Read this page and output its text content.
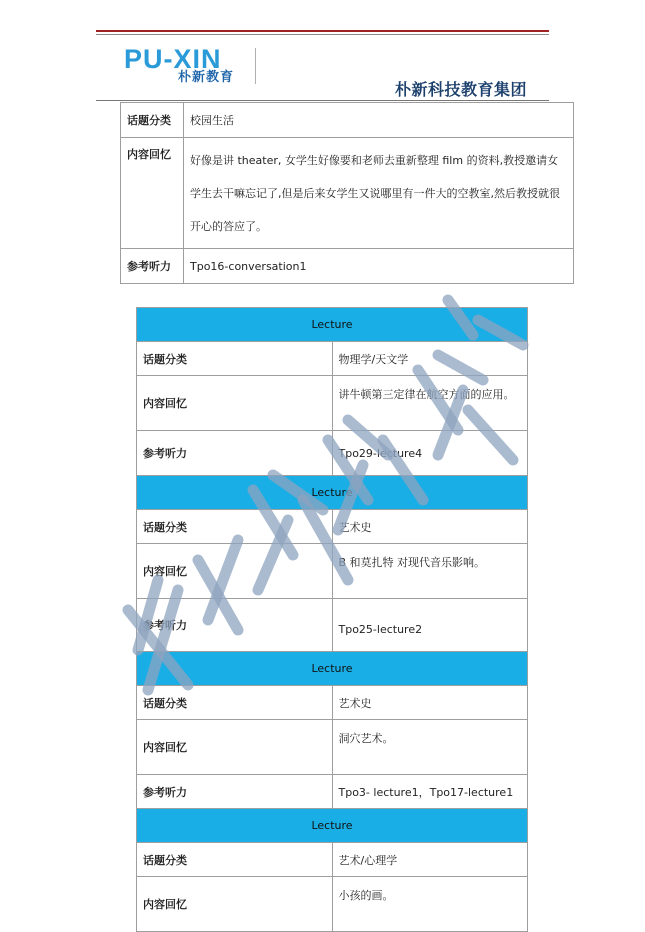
PU-XIN
朴新教育
朴新科技教育集团
话题分类	校园生活
内容回忆	好像是讲 theater, 女学生好像要和老师去重新整理 film 的资料,教授邀请女学生去干嘛忘记了,但是后来女学生又说哪里有一件大的空教室,然后教授就很开心的答应了。
参考听力	Tpo16-conversation1
Lecture	
话题分类	物理学/天文学
内容回忆	讲牛顿第三定律在航空方面的应用。
参考听力	Tpo29-lecture4
Lecture	
话题分类	艺术史
内容回忆	B 和莫扎特 对现代音乐影响。
参考听力	Tpo25-lecture2
Lecture	
话题分类	艺术史
内容回忆	洞穴艺术。
参考听力	Tpo3- lecture1，Tpo17-lecture1
Lecture	
话题分类	艺术/心理学
内容回忆	小孩的画。
